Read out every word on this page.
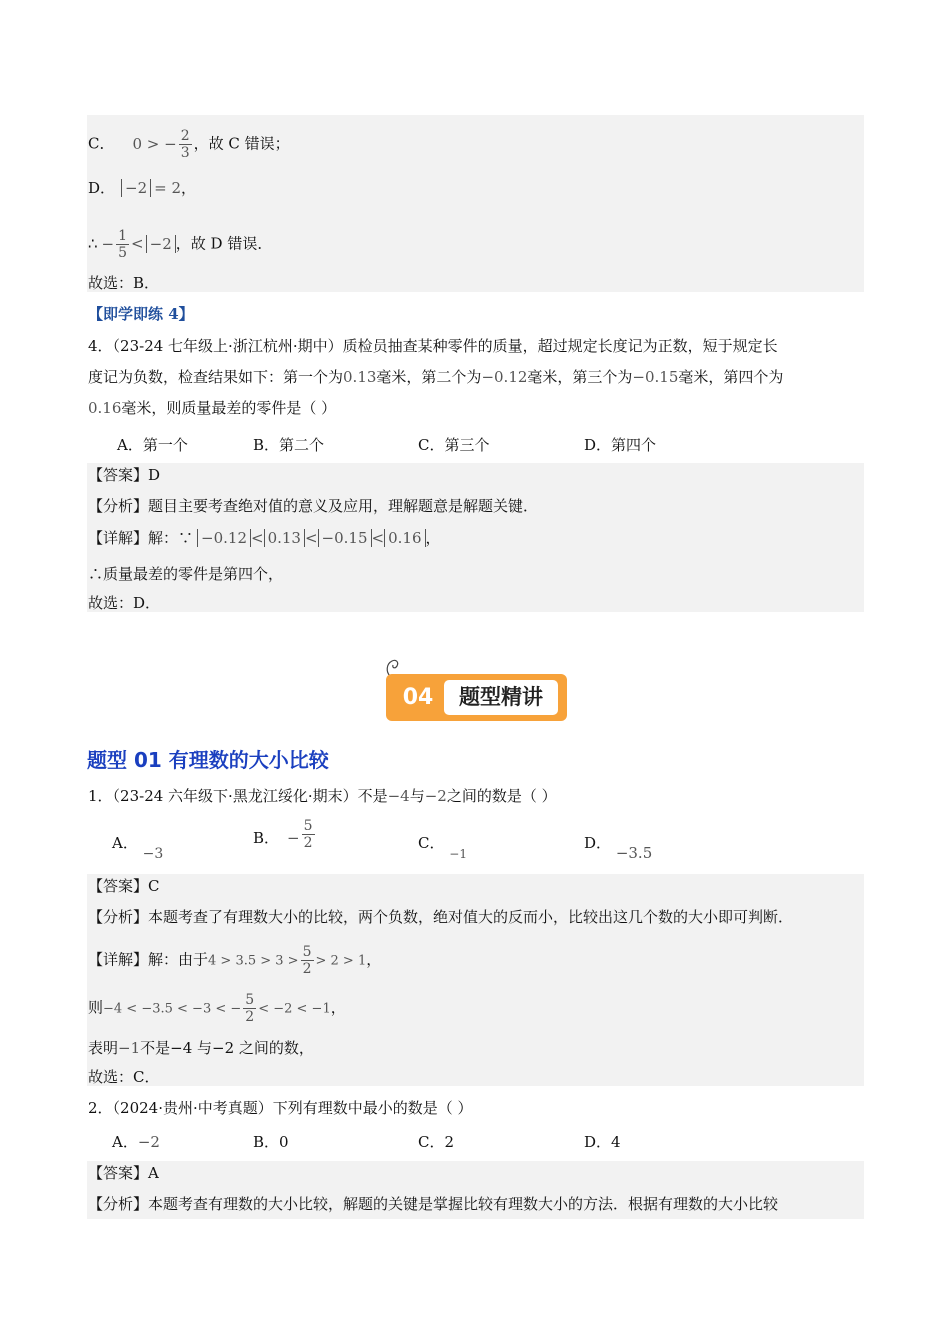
C． 0 > − $\frac{2}{3}$ ，故 C 错误；
D． −2 = 2，
∴ − $\frac{1}{5} < -2$ ，故 D 错误．
故选：B．
【即学即练 4】
4．（23-24 七年级上·浙江杭州·期中）质检员抽查某种零件的质量，超过规定长度记为正数，短于规定长
度记为负数，检查结果如下：第一个为0.13毫米，第二个为−0.12毫米，第三个为−0.15毫米，第四个为
0.16毫米，则质量最差的零件是（ ）
A．第一个	B．第二个	C．第三个	D．第四个
【答案】D
【分析】题目主要考查绝对值的意义及应用，理解题意是解题关键．
【详解】解：∵ −0.12 < 0.13 < −0.15 < 0.16 ，
∴质量最差的零件是第四个，
故选：D．
04	题型精讲
题型 01 有理数的大小比较
1．（23-24 六年级下·黑龙江绥化·期末）不是−4与−2之间的数是（ ）
A． −3
B． − $\frac{5}{2}$	C． $_{-1}$
D． −3.5
【答案】C
【分析】本题考查了有理数大小的比较，两个负数，绝对值大的反而小，比较出这几个数的大小即可判断．
【详解】解：由于$4 > 3.5 > 3 > \frac{5}{2} > 2 > 1$，
则−4 < −3.5 < −3 < − $\frac{5}{2} < -2 < -1$，
表明−1不是−4 与−2 之间的数，
故选：C．
2．（2024·贵州·中考真题）下列有理数中最小的数是（ ）
A．−2	B．0	C．2	D．4
【答案】A
【分析】本题考查有理数的大小比较，解题的关键是掌握比较有理数大小的方法．根据有理数的大小比较
